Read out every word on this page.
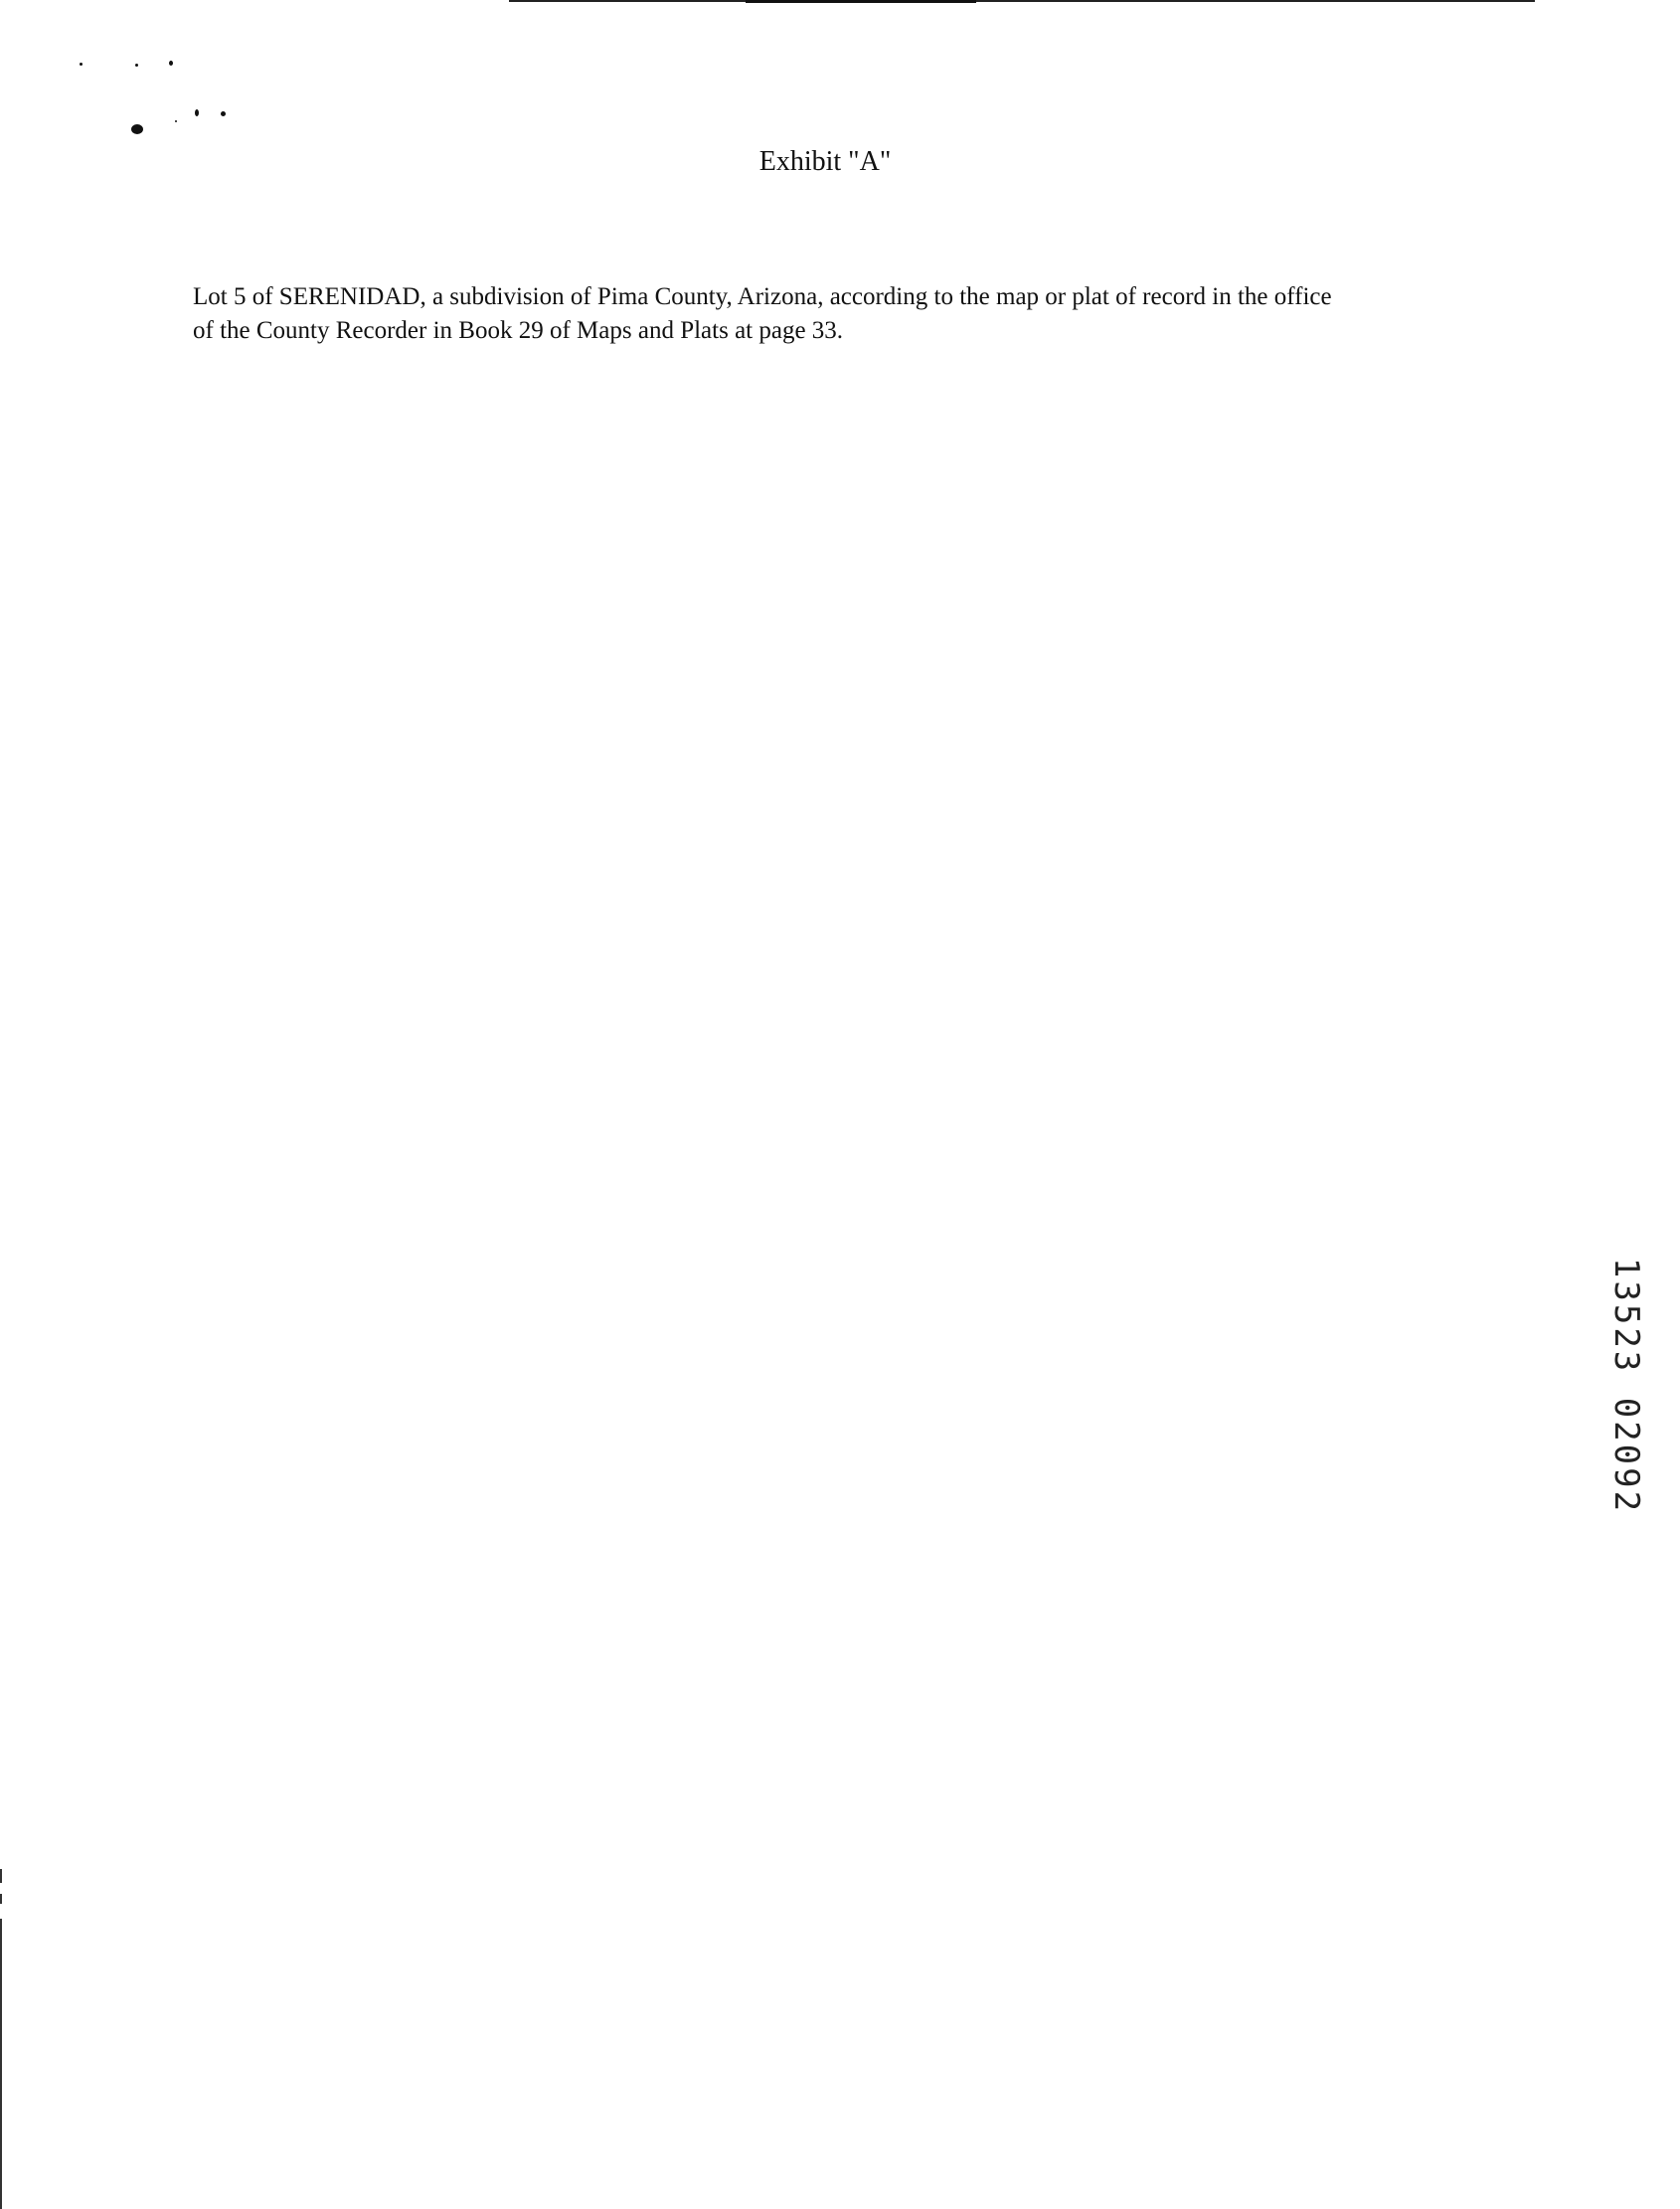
Exhibit "A"
Lot 5 of SERENIDAD, a subdivision of Pima County, Arizona, according to the map or plat of record in the office
of the County Recorder in Book 29 of Maps and Plats at page 33.
13523 02092
